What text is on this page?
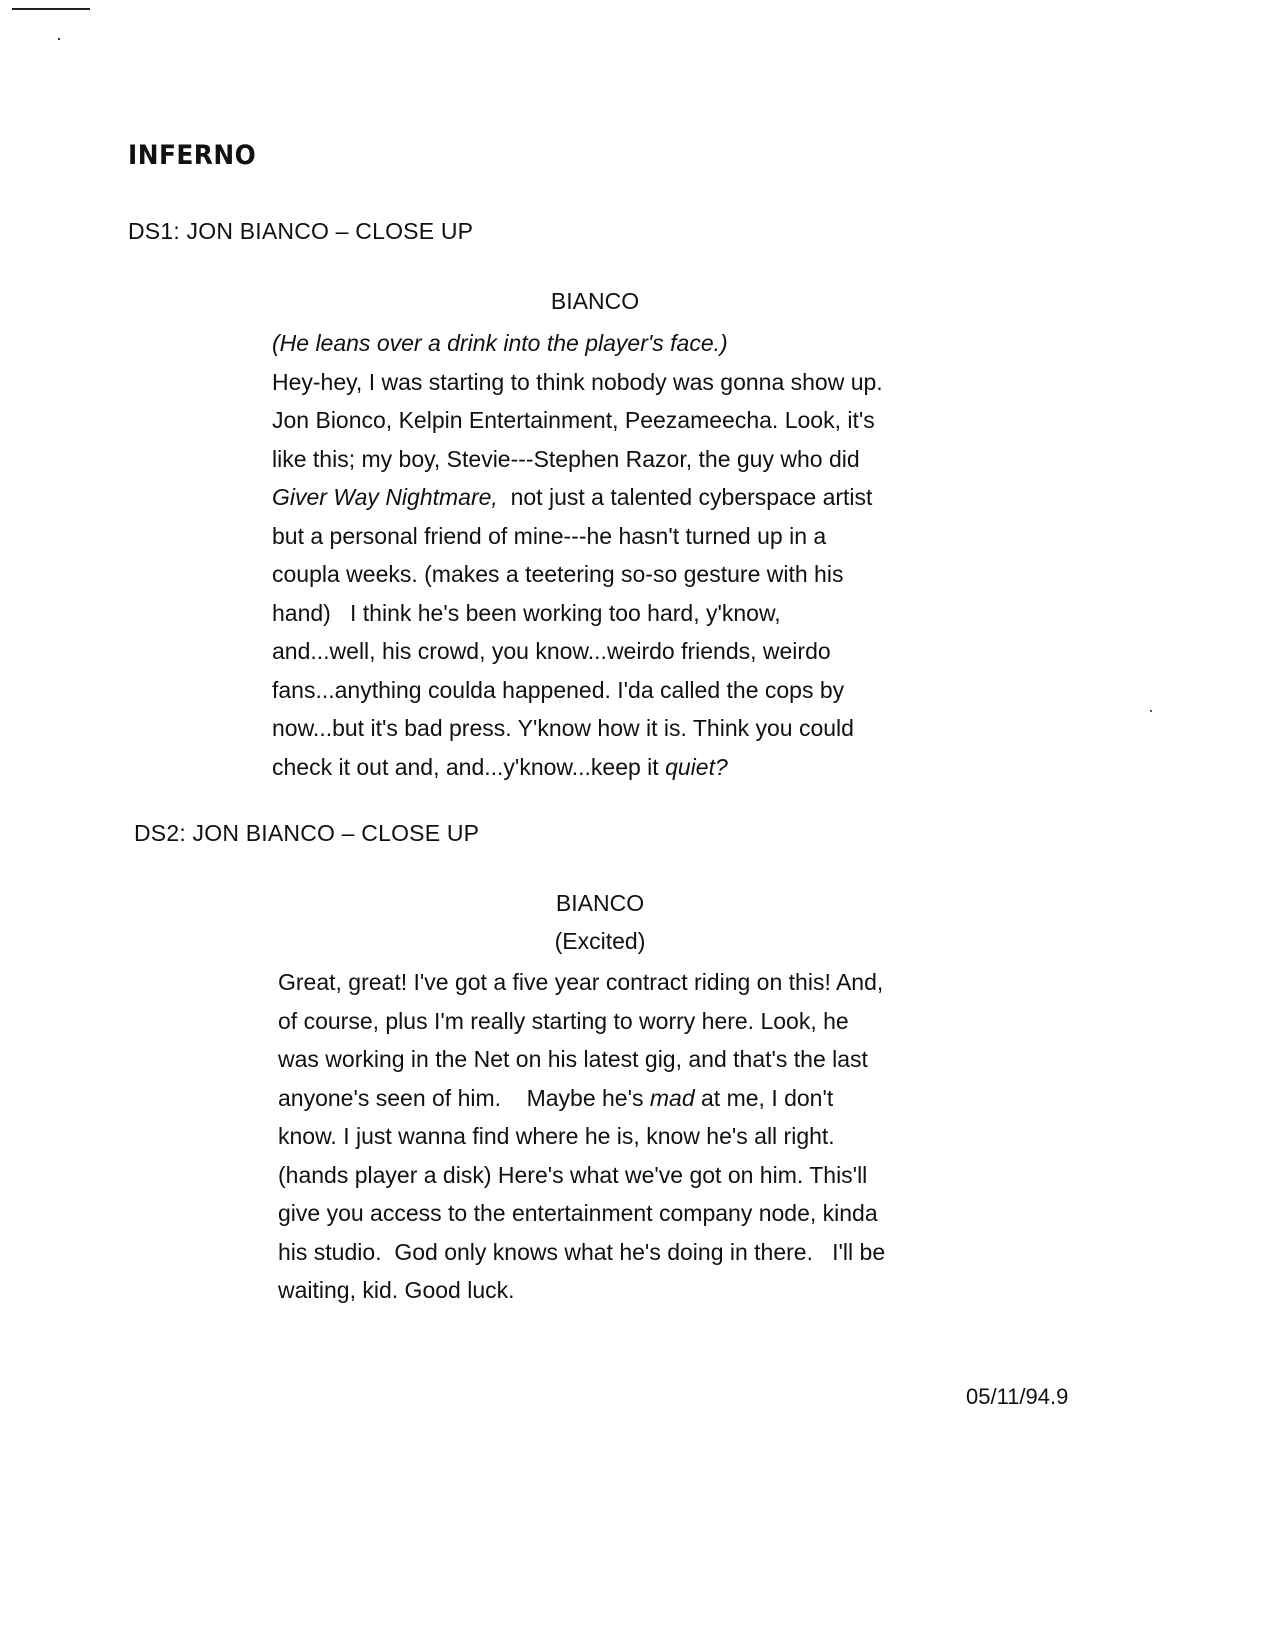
INFERNO
DS1: JON BIANCO – CLOSE UP
BIANCO
(He leans over a drink into the player's face.)
Hey-hey, I was starting to think nobody was gonna show up.
Jon Bionco, Kelpin Entertainment, Peezameecha. Look, it's
like this; my boy, Stevie---Stephen Razor, the guy who did
Giver Way Nightmare,  not just a talented cyberspace artist
but a personal friend of mine---he hasn't turned up in a
coupla weeks. (makes a teetering so-so gesture with his
hand)   I think he's been working too hard, y'know,
and...well, his crowd, you know...weirdo friends, weirdo
fans...anything coulda happened. I'da called the cops by
now...but it's bad press. Y'know how it is. Think you could
check it out and, and...y'know...keep it quiet?
DS2: JON BIANCO – CLOSE UP
BIANCO
(Excited)
Great, great! I've got a five year contract riding on this! And,
of course, plus I'm really starting to worry here. Look, he
was working in the Net on his latest gig, and that's the last
anyone's seen of him.    Maybe he's mad at me, I don't
know. I just wanna find where he is, know he's all right.
(hands player a disk) Here's what we've got on him. This'll
give you access to the entertainment company node, kinda
his studio.  God only knows what he's doing in there.   I'll be
waiting, kid. Good luck.
05/11/94.9
